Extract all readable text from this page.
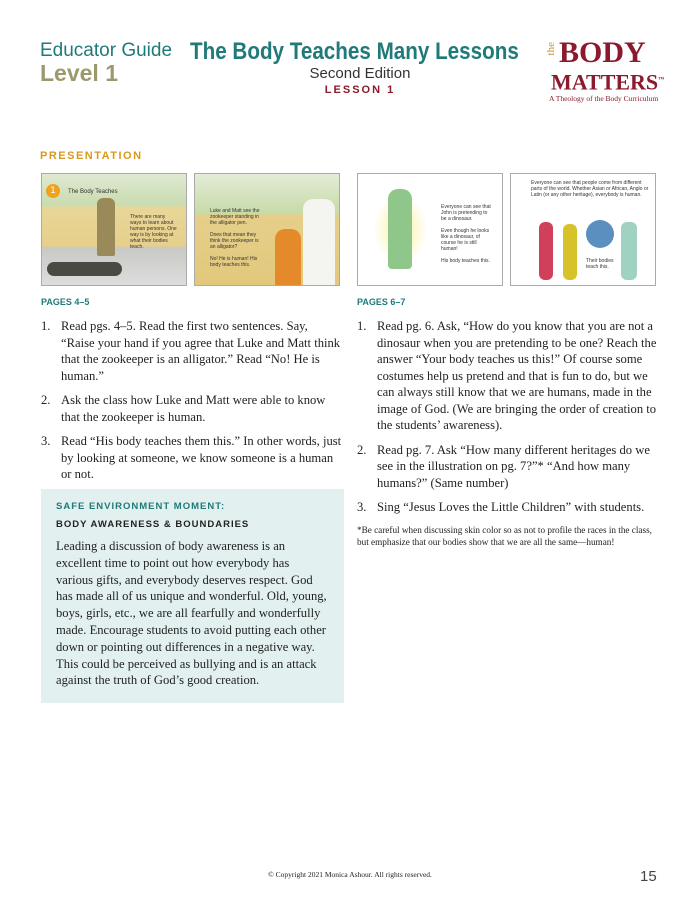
Educator Guide
Level 1
The Body Teaches Many Lessons
Second Edition
LESSON 1
the BODY
MATTERS™
A Theology of the Body Curriculum
PRESENTATION
1	The Body Teaches
There are many ways to learn about human persons. One way is by looking at what their bodies teach.
Luke and Matt see the zookeeper standing in the alligator pen.

Does that mean they think the zookeeper is an alligator?

No! He is human! His body teaches this.
Everyone can see that John is pretending to be a dinosaur.

Even though he looks like a dinosaur, of course he is still human!

His body teaches this.
Everyone can see that people come from different parts of the world. Whether Asian or African, Anglo or Latin (or any other heritage), everybody is human.
Their bodies teach this.
PAGES 4–5	PAGES 6–7
1. Read pgs. 4–5. Read the first two sentences. Say, “Raise your hand if you agree that Luke and Matt think that the zookeeper is an alligator.” Read “No! He is human.”
2. Ask the class how Luke and Matt were able to know that the zookeeper is human.
3. Read “His body teaches them this.” In other words, just by looking at someone, we know someone is a human or not.
SAFE ENVIRONMENT MOMENT:
BODY AWARENESS & BOUNDARIES

Leading a discussion of body awareness is an excellent time to point out how everybody has various gifts, and everybody deserves respect. God has made all of us unique and wonderful. Old, young, boys, girls, etc., we are all fearfully and wonderfully made. Encourage students to avoid putting each other down or pointing out differences in a negative way. This could be perceived as bullying and is an attack against the truth of God’s good creation.

1. Read pg. 6. Ask, “How do you know that you are not a dinosaur when you are pretending to be one? Reach the answer “Your body teaches us this!” Of course some costumes help us pretend and that is fun to do, but we can always still know that we are humans, made in the image of God. (We are bringing the order of creation to the students’ awareness).
2. Read pg. 7. Ask “How many different heritages do we see in the illustration on pg. 7?”* “And how many humans?” (Same number)
3. Sing “Jesus Loves the Little Children” with students.
*Be careful when discussing skin color so as not to profile the races in the class, but emphasize that our bodies show that we are all the same—human!
© Copyright 2021 Monica Ashour. All rights reserved.	15
